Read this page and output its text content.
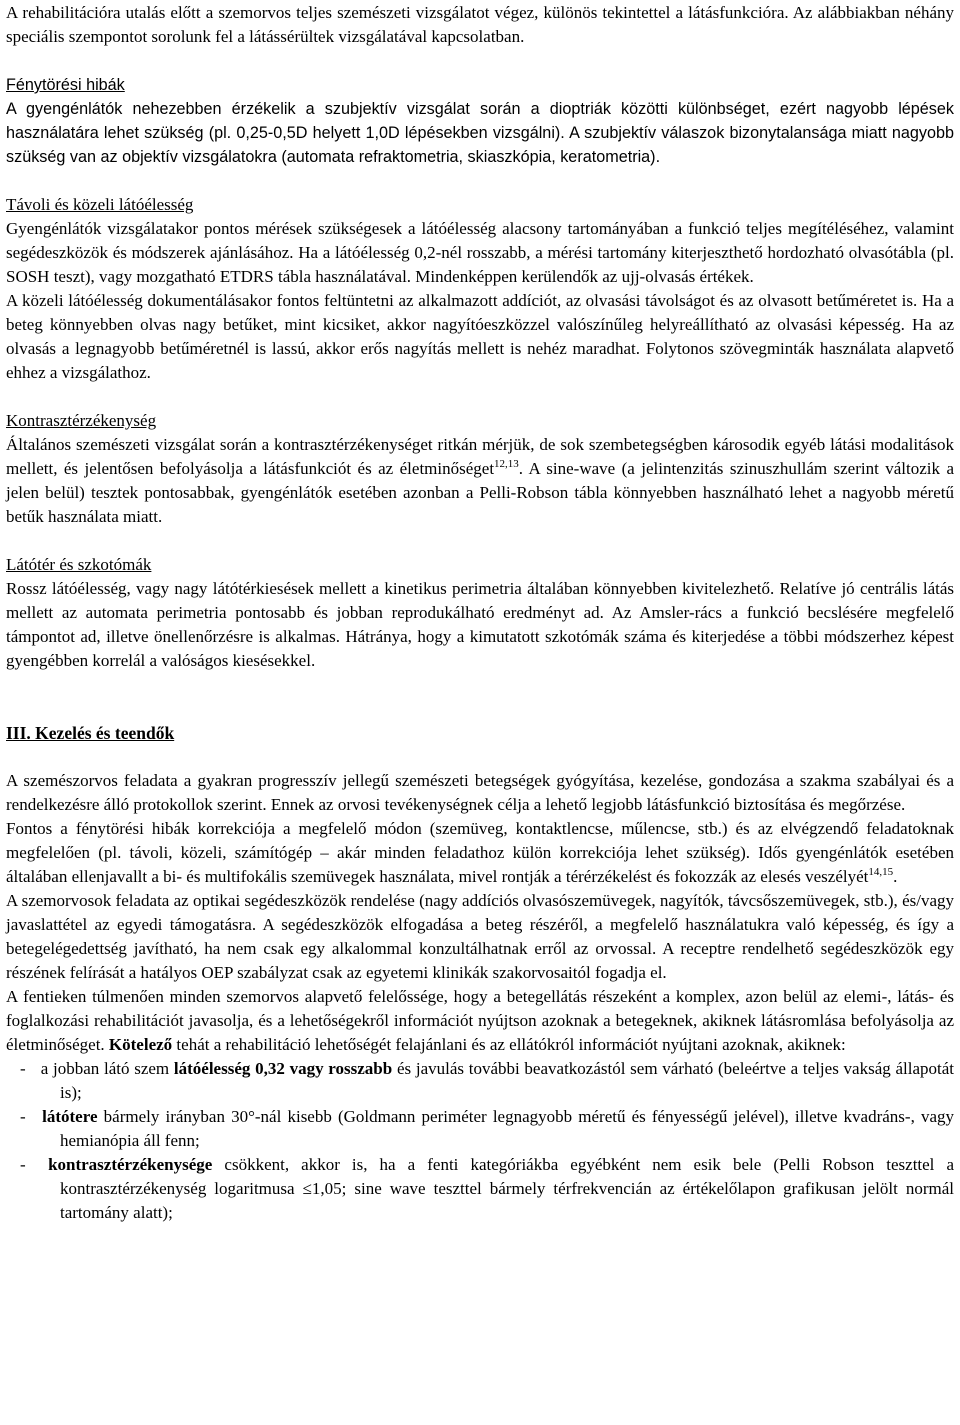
A rehabilitációra utalás előtt a szemorvos teljes szemészeti vizsgálatot végez, különös tekintettel a látásfunkcióra. Az alábbiakban néhány speciális szempontot sorolunk fel a látássérültek vizsgálatával kapcsolatban.

Fénytörési hibák

A gyengénlátók nehezebben érzékelik a szubjektív vizsgálat során a dioptriák közötti különbséget, ezért nagyobb lépések használatára lehet szükség (pl. 0,25-0,5D helyett 1,0D lépésekben vizsgálni). A szubjektív válaszok bizonytalansága miatt nagyobb szükség van az objektív vizsgálatokra (automata refraktometria, skiaszkópia, keratometria).

Távoli és közeli látóélesség

Gyengénlátók vizsgálatakor pontos mérések szükségesek a látóélesség alacsony tartományában a funkció teljes megítéléséhez, valamint segédeszközök és módszerek ajánlásához. Ha a látóélesség 0,2-nél rosszabb, a mérési tartomány kiterjeszthető hordozható olvasótábla (pl. SOSH teszt), vagy mozgatható ETDRS tábla használatával. Mindenképpen kerülendők az ujj-olvasás értékek.

A közeli látóélesség dokumentálásakor fontos feltüntetni az alkalmazott addíciót, az olvasási távolságot és az olvasott betűméretet is. Ha a beteg könnyebben olvas nagy betűket, mint kicsiket, akkor nagyítóeszközzel valószínűleg helyreállítható az olvasási képesség. Ha az olvasás a legnagyobb betűméretnél is lassú, akkor erős nagyítás mellett is nehéz maradhat. Folytonos szövegminták használata alapvető ehhez a vizsgálathoz.

Kontrasztérzékenység

Általános szemészeti vizsgálat során a kontrasztérzékenységet ritkán mérjük, de sok szembetegségben károsodik egyéb látási modalitások mellett, és jelentősen befolyásolja a látásfunkciót és az életminőséget$^{12,13}$. A sine-wave (a jelintenzitás szinuszhullám szerint változik a jelen belül) tesztek pontosabbak, gyengénlátók esetében azonban a Pelli-Robson tábla könnyebben használható lehet a nagyobb méretű betűk használata miatt.

Látótér és szkotómák

Rossz látóélesség, vagy nagy látótérkiesések mellett a kinetikus perimetria általában könnyebben kivitelezhető. Relatíve jó centrális látás mellett az automata perimetria pontosabb és jobban reprodukálható eredményt ad. Az Amsler-rács a funkció becslésére megfelelő támpontot ad, illetve önellenőrzésre is alkalmas. Hátránya, hogy a kimutatott szkotómák száma és kiterjedése a többi módszerhez képest gyengébben korrelál a valóságos kiesésekkel.

III. Kezelés és teendők

A szemészorvos feladata a gyakran progresszív jellegű szemészeti betegségek gyógyítása, kezelése, gondozása a szakma szabályai és a rendelkezésre álló protokollok szerint. Ennek az orvosi tevékenységnek célja a lehető legjobb látásfunkció biztosítása és megőrzése.

Fontos a fénytörési hibák korrekciója a megfelelő módon (szemüveg, kontaktlencse, műlencse, stb.) és az elvégzendő feladatoknak megfelelően (pl. távoli, közeli, számítógép – akár minden feladathoz külön korrekciója lehet szükség). Idős gyengénlátók esetében általában ellenjavallt a bi- és multifokális szemüvegek használata, mivel rontják a térérzékelést és fokozzák az elesés veszélyét$^{14,15}$.

A szemorvosok feladata az optikai segédeszközök rendelése (nagy addíciós olvasószemüvegek, nagyítók, távcsőszemüvegek, stb.), és/vagy javaslattétel az egyedi támogatásra. A segédeszközök elfogadása a beteg részéről, a megfelelő használatukra való képesség, és így a betegelégedettség javítható, ha nem csak egy alkalommal konzultálhatnak erről az orvossal. A receptre rendelhető segédeszközök egy részének felírását a hatályos OEP szabályzat csak az egyetemi klinikák szakorvosaitól fogadja el.

A fentieken túlmenően minden szemorvos alapvető felelőssége, hogy a betegellátás részeként a komplex, azon belül az elemi-, látás- és foglalkozási rehabilitációt javasolja, és a lehetőségekről információt nyújtson azoknak a betegeknek, akiknek látásromlása befolyásolja az életminőséget. Kötelező tehát a rehabilitáció lehetőségét felajánlani és az ellátókról információt nyújtani azoknak, akiknek:

- a jobban látó szem látóélesség 0,32 vagy rosszabb és javulás további beavatkozástól sem várható (beleértve a teljes vakság állapotát is);
- látótere bármely irányban 30°-nál kisebb (Goldmann periméter legnagyobb méretű és fényességű jelével), illetve kvadráns-, vagy hemianópia áll fenn;
- kontrasztérzékenysége csökkent, akkor is, ha a fenti kategóriákba egyébként nem esik bele (Pelli Robson teszttel a kontrasztérzékenység logaritmusa ≤1,05; sine wave teszttel bármely térfrekvencián az értékelőlapon grafikusan jelölt normál tartomány alatt);
